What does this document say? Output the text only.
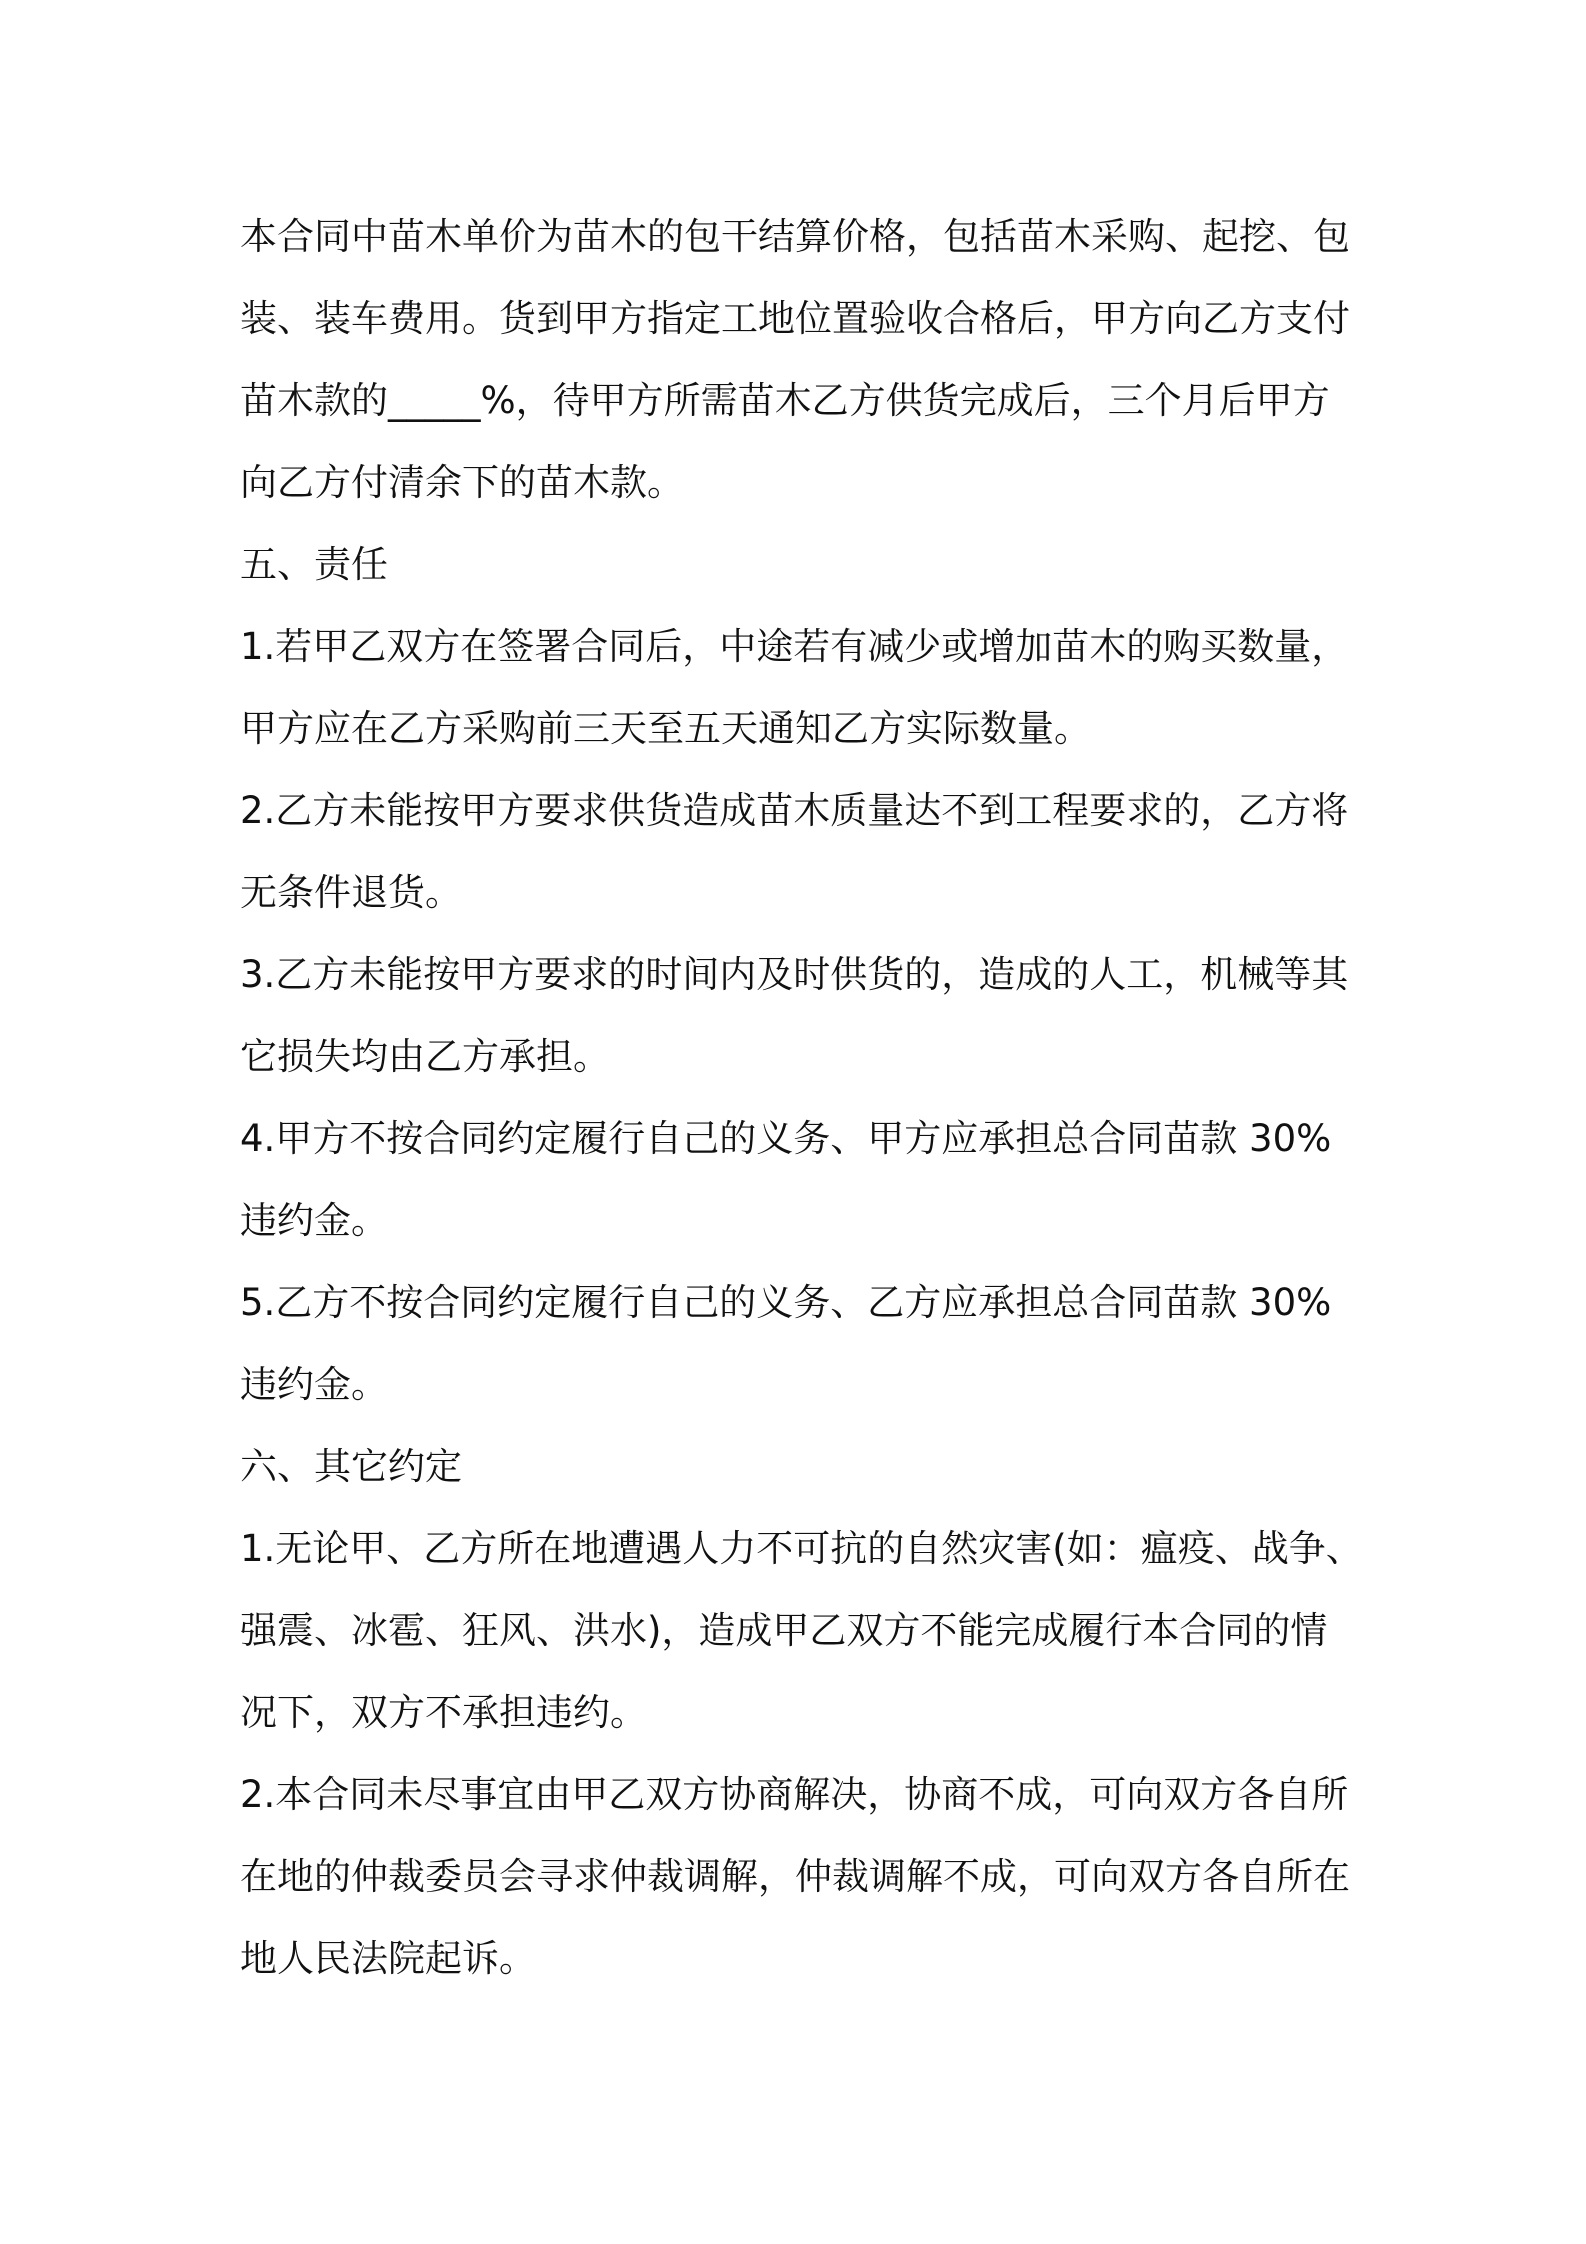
本合同中苗木单价为苗木的包干结算价格，包括苗木采购、起挖、包
装、装车费用。货到甲方指定工地位置验收合格后，甲方向乙方支付
苗木款的_____%，待甲方所需苗木乙方供货完成后，三个月后甲方
向乙方付清余下的苗木款。
五、责任
1.若甲乙双方在签署合同后，中途若有减少或增加苗木的购买数量，
甲方应在乙方采购前三天至五天通知乙方实际数量。
2.乙方未能按甲方要求供货造成苗木质量达不到工程要求的，乙方将
无条件退货。
3.乙方未能按甲方要求的时间内及时供货的，造成的人工，机械等其
它损失均由乙方承担。
4.甲方不按合同约定履行自己的义务、甲方应承担总合同苗款 30%
违约金。
5.乙方不按合同约定履行自己的义务、乙方应承担总合同苗款 30%
违约金。
六、其它约定
1.无论甲、乙方所在地遭遇人力不可抗的自然灾害(如：瘟疫、战争、
强震、冰雹、狂风、洪水)，造成甲乙双方不能完成履行本合同的情
况下，双方不承担违约。
2.本合同未尽事宜由甲乙双方协商解决，协商不成，可向双方各自所
在地的仲裁委员会寻求仲裁调解，仲裁调解不成，可向双方各自所在
地人民法院起诉。
